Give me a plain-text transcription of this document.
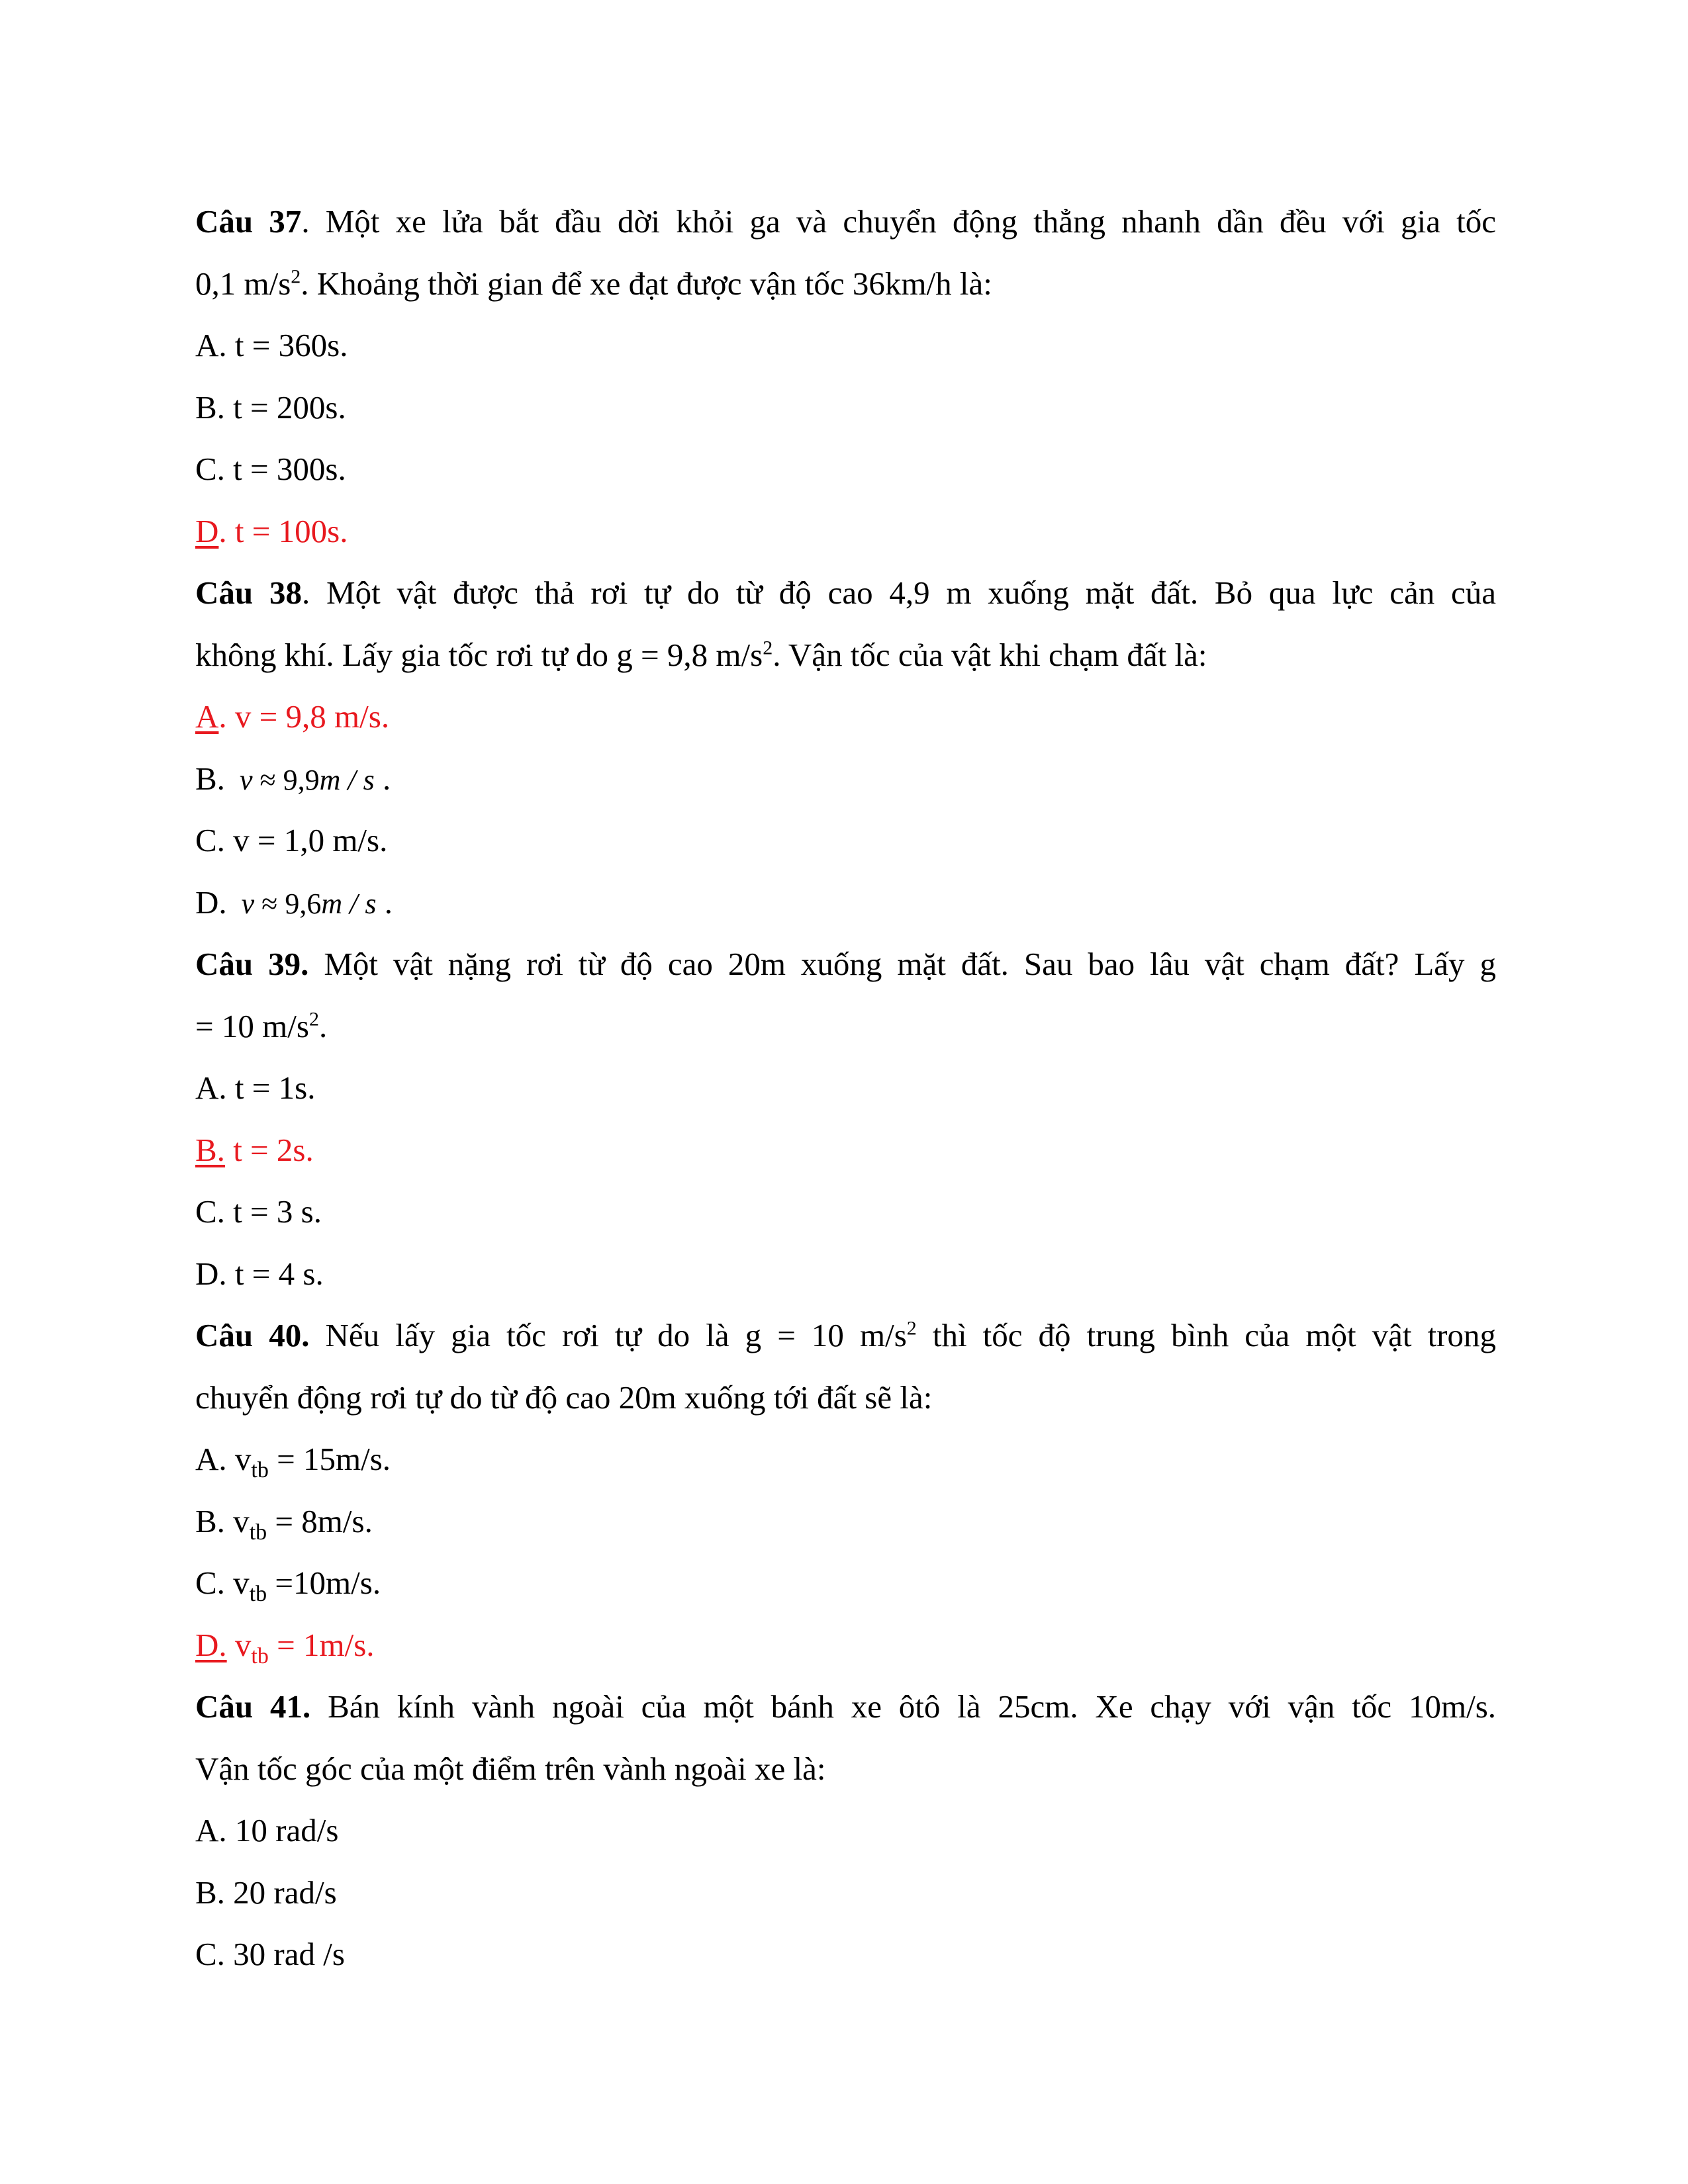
Câu 37. Một xe lửa bắt đầu dời khỏi ga và chuyển động thẳng nhanh dần đều với gia tốc
0,1 $m/s^2$. Khoảng thời gian để xe đạt được vận tốc 36km/h là:
A. t = 360s.
B. t = 200s.
C. t = 300s.
D. t = 100s.
Câu 38. Một vật được thả rơi tự do từ độ cao 4,9 m xuống mặt đất. Bỏ qua lực cản của
không khí. Lấy gia tốc rơi tự do g = 9,8 $m/s^2$. Vận tốc của vật khi chạm đất là:
A. v = 9,8 m/s.
B. v ≈ 9,9m / s .
C. v = 1,0 m/s.
D. v ≈ 9,6m / s .
Câu 39. Một vật nặng rơi từ độ cao 20m xuống mặt đất. Sau bao lâu vật chạm đất? Lấy g
= 10 $m/s^2$.
A. t = 1s.
B. t = 2s.
C. t = 3 s.
D. t = 4 s.
Câu 40. Nếu lấy gia tốc rơi tự do là g = 10 $m/s^2$ thì tốc độ trung bình của một vật trong
chuyển động rơi tự do từ độ cao 20m xuống tới đất sẽ là:
A. $v_{tb} = 15m/s$.
B. $v_{tb} = 8m/s$.
C. $v_{tb} =10m/s$.
D. $v_{tb} = 1m/s$.
Câu 41. Bán kính vành ngoài của một bánh xe ôtô là 25cm. Xe chạy với vận tốc 10m/s.
Vận tốc góc của một điểm trên vành ngoài xe là:
A. 10 rad/s
B. 20 rad/s
C. 30 rad /s
